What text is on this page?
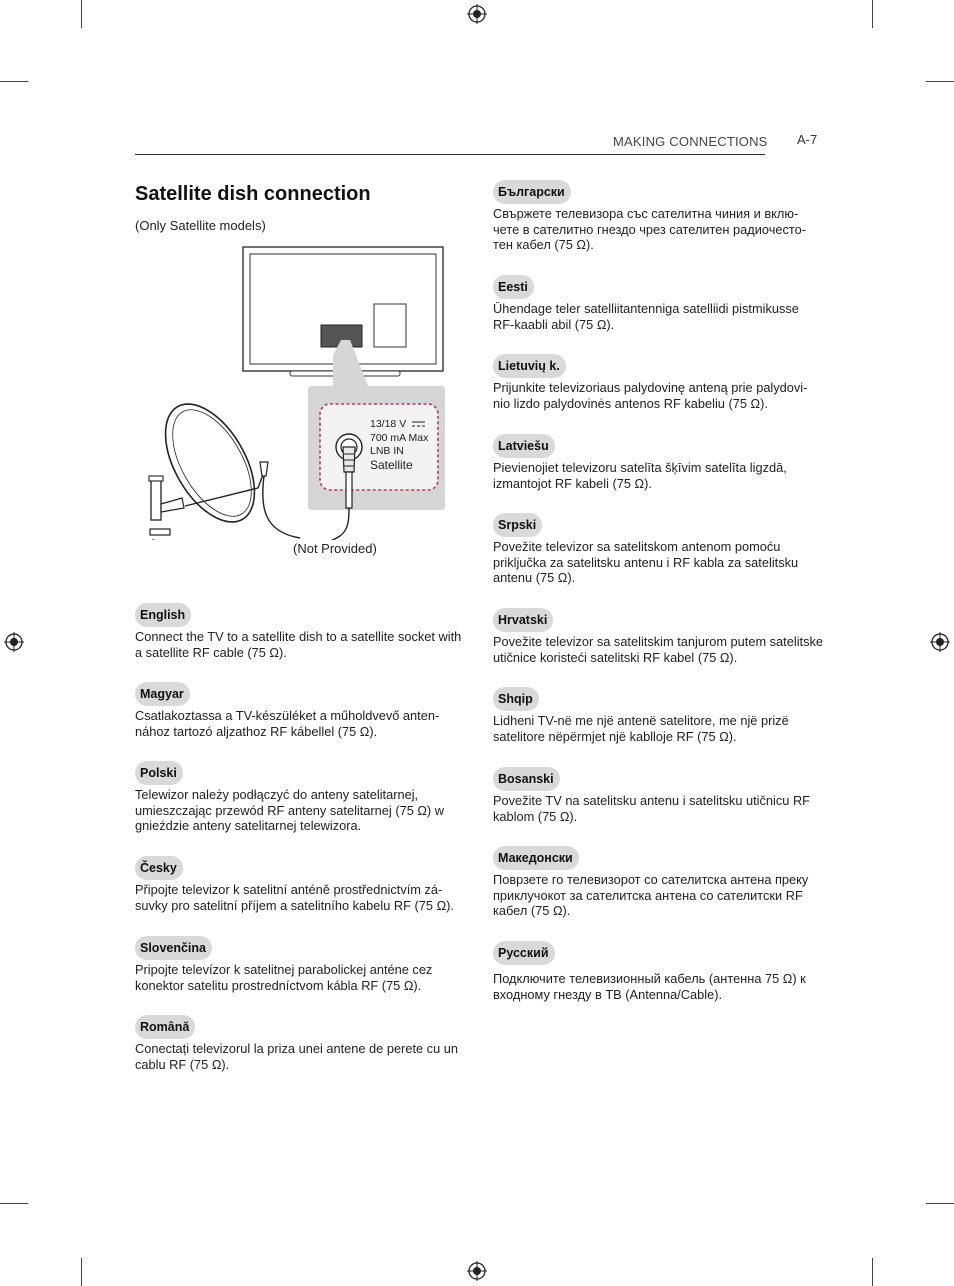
MAKING CONNECTIONS A-7
Satellite dish connection
(Only Satellite models)
13/18 V
700 mA Max
LNB IN
Satellite
(Not Provided)
English
Connect the TV to a satellite dish to a satellite socket with a satellite RF cable (75 Ω).
Magyar
Csatlakoztassa a TV-készüléket a műholdvevő anten-nához tartozó aljzathoz RF kábellel (75 Ω).
Polski
Telewizor należy podłączyć do anteny satelitarnej, umieszczając przewód RF anteny satelitarnej (75 Ω) w gnieździe anteny satelitarnej telewizora.
Česky
Připojte televizor k satelitní anténě prostřednictvím zá-suvky pro satelitní příjem a satelitního kabelu RF (75 Ω).
Slovenčina
Pripojte televízor k satelitnej parabolickej anténe cez konektor satelitu prostredníctvom kábla RF (75 Ω).
Română
Conectați televizorul la priza unei antene de perete cu un cablu RF (75 Ω).
Български
Свържете телевизора със сателитна чиния и вклю-чете в сателитно гнездо чрез сателитен радиочесто-тен кабел (75 Ω).
Eesti
Ühendage teler satelliitantenniga satelliidi pistmikusse RF-kaabli abil (75 Ω).
Lietuvių k.
Prijunkite televizoriaus palydovinę anteną prie palydovi-nio lizdo palydovinės antenos RF kabeliu (75 Ω).
Latviešu
Pievienojiet televizoru satelīta šķīvim satelīta ligzdā, izmantojot RF kabeli (75 Ω).
Srpski
Povežite televizor sa satelitskom antenom pomoću priključka za satelitsku antenu i RF kabla za satelitsku antenu (75 Ω).
Hrvatski
Povežite televizor sa satelitskim tanjurom putem satelitske utičnice koristeći satelitski RF kabel (75 Ω).
Shqip
Lidheni TV-në me një antenë satelitore, me një prizë satelitore nëpërmjet një kablloje RF (75 Ω).
Bosanski
Povežite TV na satelitsku antenu i satelitsku utičnicu RF kablom (75 Ω).
Македонски
Поврзете го телевизорот со сателитска антена преку приклучокот за сателитска антена со сателитски RF кабел (75 Ω).
Русский
Подключите телевизионный кабель (антенна 75 Ω) к входному гнезду в ТВ (Antenna/Cable).
